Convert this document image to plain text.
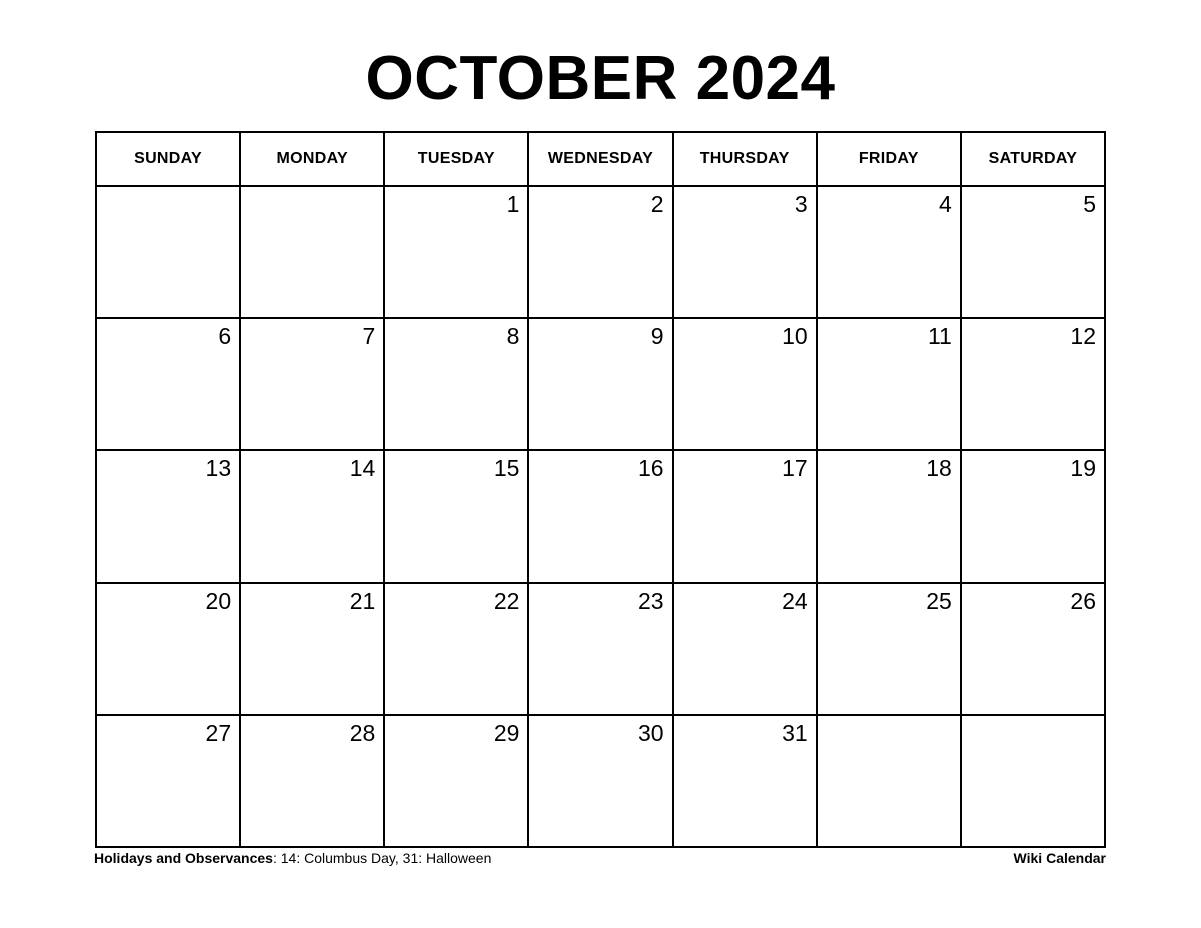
OCTOBER 2024
SUNDAY	MONDAY	TUESDAY	WEDNESDAY	THURSDAY	FRIDAY	SATURDAY

		1	2	3	4	5

6	7	8	9	10	11	12

13	14	15	16	17	18	19

20	21	22	23	24	25	26

27	28	29	30	31		

Holidays and Observances: 14: Columbus Day, 31: Halloween	Wiki Calendar
